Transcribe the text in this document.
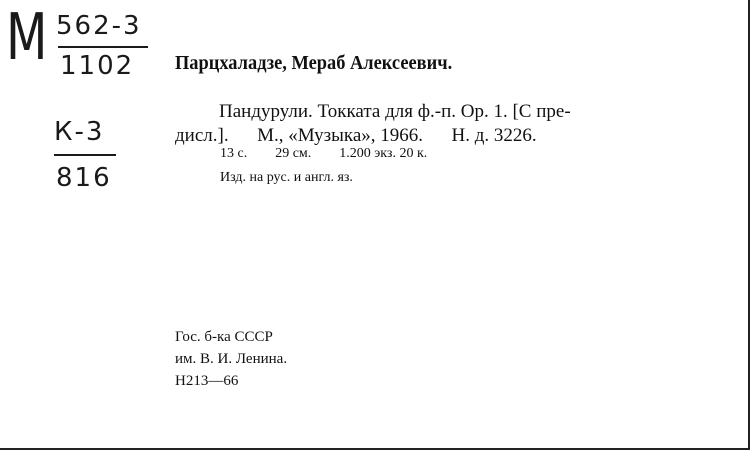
М 562-3
1102
К-3
816
Парцхаладзе, Мераб Алексеевич.
Пандурули. Токката для ф.-п. Ор. 1. [С пре-
дисл.].      М., «Музыка», 1966.      Н. д. 3226.
13 с.        29 см.        1.200 экз. 20 к.
Изд. на рус. и англ. яз.
Гос. б-ка СССР
им. В. И. Ленина.
Н213—66
